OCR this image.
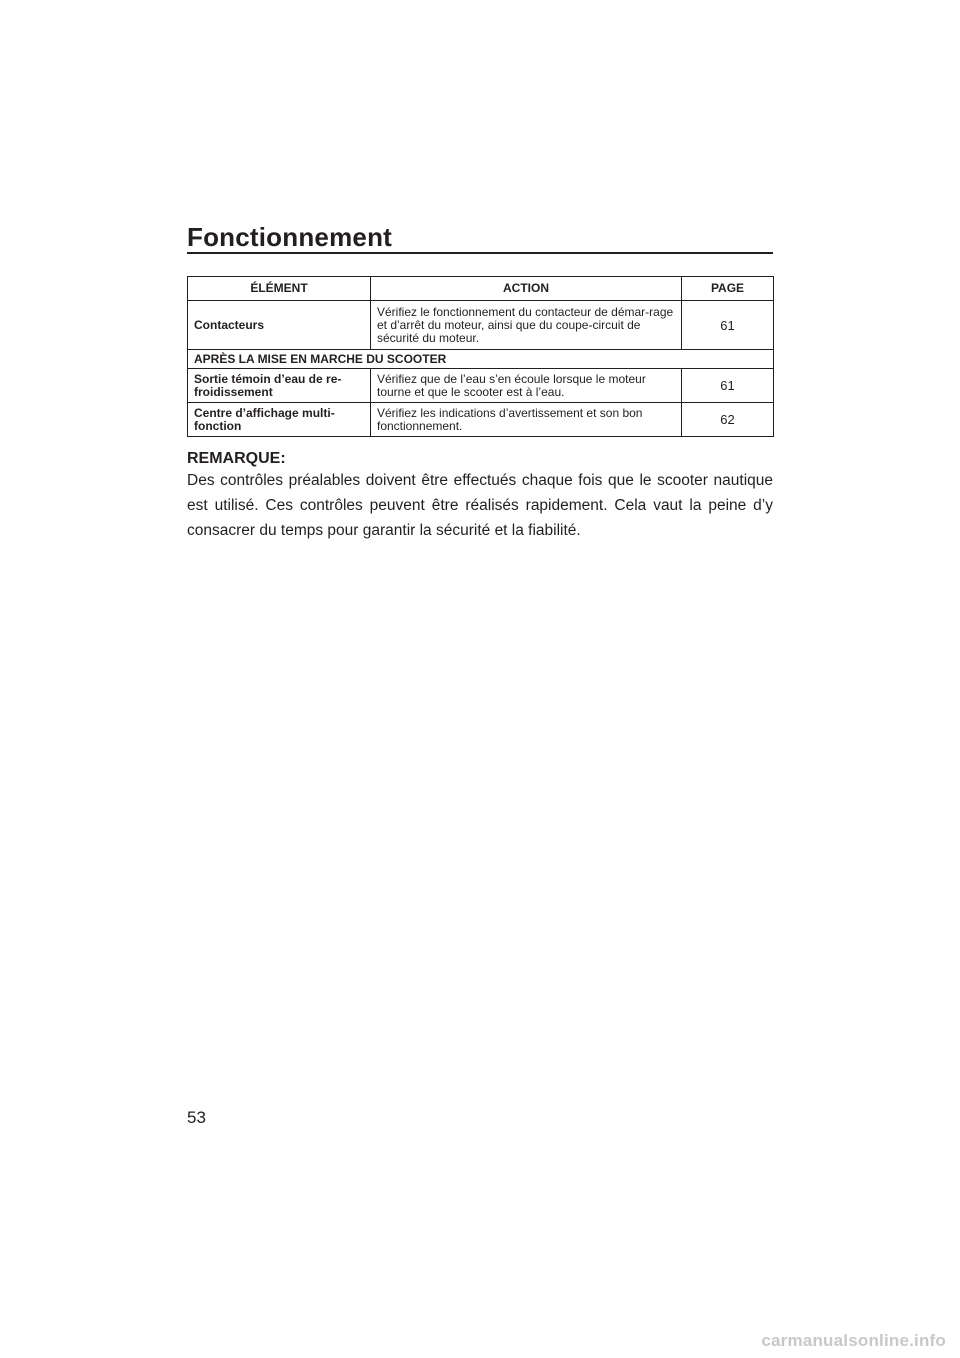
Fonctionnement
ÉLÉMENT	ACTION	PAGE
Contacteurs	Vérifiez le fonctionnement du contacteur de démar-rage et d’arrêt du moteur, ainsi que du coupe-circuit de sécurité du moteur.	61
APRÈS LA MISE EN MARCHE DU SCOOTER		
Sortie témoin d’eau de re-froidissement	Vérifiez que de l’eau s’en écoule lorsque le moteur tourne et que le scooter est à l’eau.	61
Centre d’affichage multi-fonction	Vérifiez les indications d’avertissement et son bon fonctionnement.	62
REMARQUE:
Des contrôles préalables doivent être effectués chaque fois que le scooter nautique est utilisé. Ces contrôles peuvent être réalisés rapidement. Cela vaut la peine d’y consacrer du temps pour garantir la sécurité et la fiabilité.
53
carmanualsonline.info
